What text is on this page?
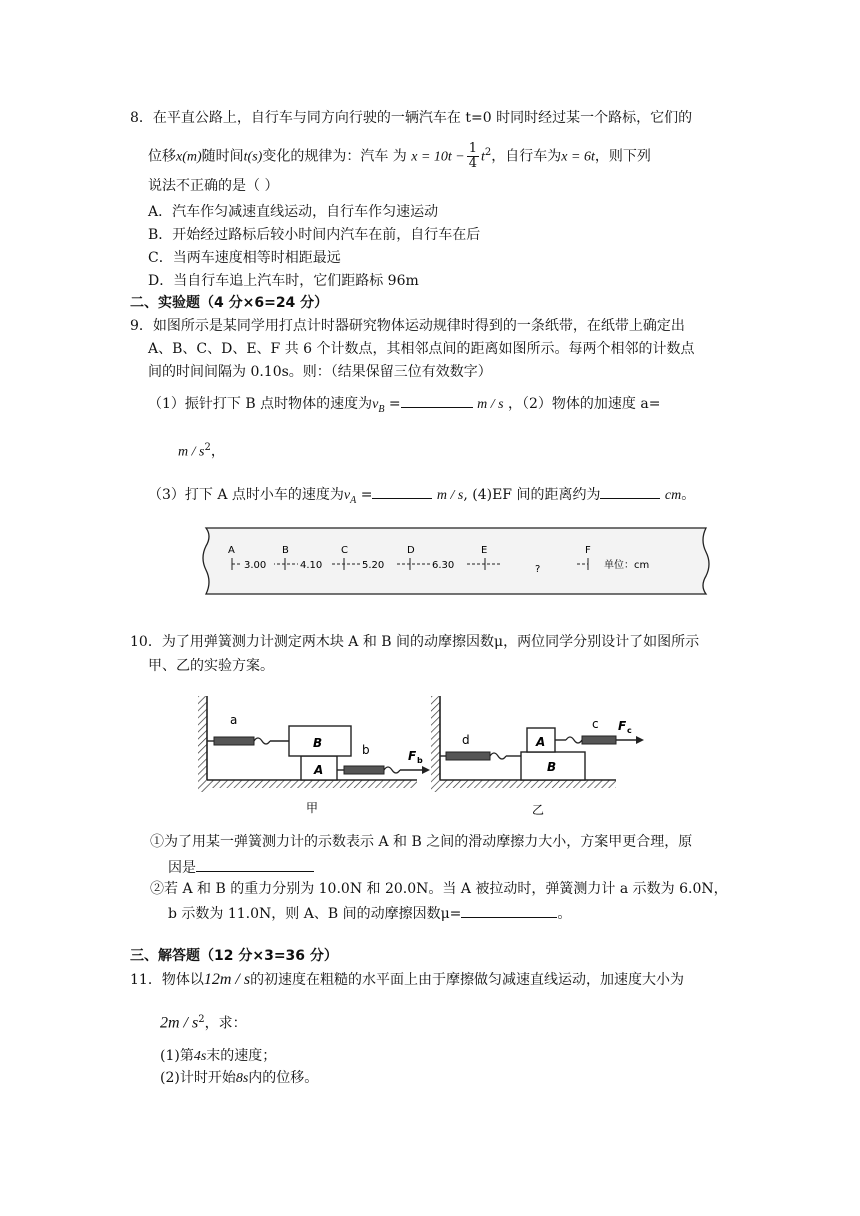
8．在平直公路上，自行车与同方向行驶的一辆汽车在 t=0 时同时经过某一个路标，它们的
位移x(m)随时间t(s)变化的规律为：汽车 为 $x = 10t - \frac{1}{4} t^2$，自行车为x = 6t，则下列
说法不正确的是（ ）
A．汽车作匀减速直线运动，自行车作匀速运动
B．开始经过路标后较小时间内汽车在前，自行车在后
C．当两车速度相等时相距最远
D．当自行车追上汽车时，它们距路标 96m
二、实验题（4 分×6=24 分）
9．如图所示是某同学用打点计时器研究物体运动规律时得到的一条纸带，在纸带上确定出
A、B、C、D、E、F 共 6 个计数点，其相邻点间的距离如图所示。每两个相邻的计数点
间的时间间隔为 0.10s。则：（结果保留三位有效数字）
（1）振针打下 B 点时物体的速度为$v_B$ =	m / s ，（2）物体的加速度 a=
m / $s^2$，
（3）打下 A 点时小车的速度为$v_A$ =	m / s, (4)EF 间的距离约为	cm。
A	B	C	D	E	F
3.00	4.10	5.20	6.30	?	单位：cm
10．为了用弹簧测力计测定两木块 A 和 B 间的动摩擦因数μ，两位同学分别设计了如图所示
甲、乙的实验方案。
A
B
a
b	F b
甲
B
A
d
c F c
乙
①为了用某一弹簧测力计的示数表示 A 和 B 之间的滑动摩擦力大小，方案甲更合理，原
因是
②若 A 和 B 的重力分别为 10.0N 和 20.0N。当 A 被拉动时，弹簧测力计 a 示数为 6.0N，
b 示数为 11.0N，则 A、B 间的动摩擦因数μ=	。
三、解答题（12 分×3=36 分）
11．物体以12m / s的初速度在粗糙的水平面上由于摩擦做匀减速直线运动，加速度大小为
$2m / s^2$，求：
(1)第4s末的速度；
(2)计时开始8s内的位移。
